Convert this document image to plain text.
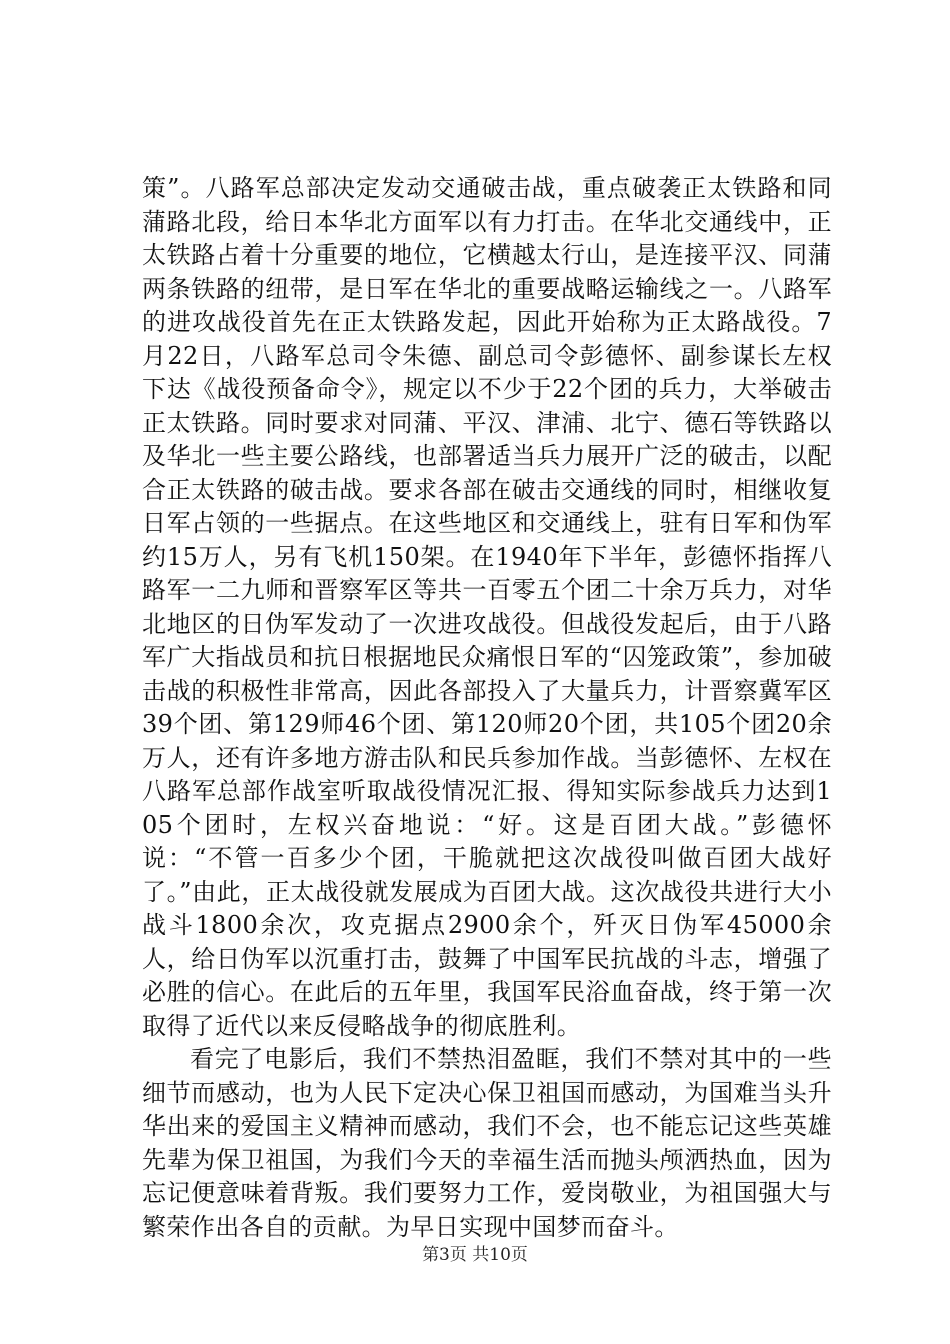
策”。八路军总部决定发动交通破击战，重点破袭正太铁路和同蒲路北段，给日本华北方面军以有力打击。在华北交通线中，正太铁路占着十分重要的地位，它横越太行山，是连接平汉、同蒲两条铁路的纽带，是日军在华北的重要战略运输线之一。八路军的进攻战役首先在正太铁路发起，因此开始称为正太路战役。7月22日，八路军总司令朱德、副总司令彭德怀、副参谋长左权下达《战役预备命令》，规定以不少于22个团的兵力，大举破击正太铁路。同时要求对同蒲、平汉、津浦、北宁、德石等铁路以及华北一些主要公路线，也部署适当兵力展开广泛的破击，以配合正太铁路的破击战。要求各部在破击交通线的同时，相继收复日军占领的一些据点。在这些地区和交通线上，驻有日军和伪军约15万人，另有飞机150架。在1940年下半年，彭德怀指挥八路军一二九师和晋察军区等共一百零五个团二十余万兵力，对华北地区的日伪军发动了一次进攻战役。但战役发起后，由于八路军广大指战员和抗日根据地民众痛恨日军的“囚笼政策”，参加破击战的积极性非常高，因此各部投入了大量兵力，计晋察冀军区39个团、第129师46个团、第120师20个团，共105个团20余万人，还有许多地方游击队和民兵参加作战。当彭德怀、左权在八路军总部作战室听取战役情况汇报、得知实际参战兵力达到105个团时，左权兴奋地说：“好。这是百团大战。”彭德怀说：“不管一百多少个团，干脆就把这次战役叫做百团大战好了。”由此，正太战役就发展成为百团大战。这次战役共进行大小战斗1800余次，攻克据点2900余个，歼灭日伪军45000余人，给日伪军以沉重打击，鼓舞了中国军民抗战的斗志，增强了必胜的信心。在此后的五年里，我国军民浴血奋战，终于第一次取得了近代以来反侵略战争的彻底胜利。

看完了电影后，我们不禁热泪盈眶，我们不禁对其中的一些细节而感动，也为人民下定决心保卫祖国而感动，为国难当头升华出来的爱国主义精神而感动，我们不会，也不能忘记这些英雄先辈为保卫祖国，为我们今天的幸福生活而抛头颅洒热血，因为忘记便意味着背叛。我们要努力工作，爱岗敬业，为祖国强大与繁荣作出各自的贡献。为早日实现中国梦而奋斗。

第3页 共10页
